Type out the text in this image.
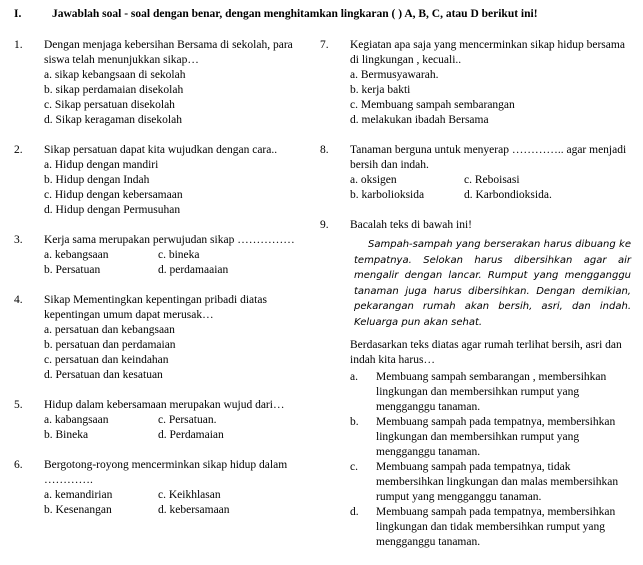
I.	Jawablah soal - soal dengan benar, dengan menghitamkan lingkaran ( ) A, B, C, atau D berikut ini!
1.	Dengan menjaga kebersihan Bersama di sekolah, para siswa telah menunjukkan sikap…
a. sikap kebangsaan di sekolah
b. sikap perdamaian disekolah
c. Sikap persatuan disekolah
d. Sikap keragaman disekolah
2.	Sikap persatuan dapat kita wujudkan dengan cara..
a. Hidup dengan mandiri
b. Hidup dengan Indah
c. Hidup dengan kebersamaan
d. Hidup dengan Permusuhan
3.	Kerja sama merupakan perwujudan sikap ……………
a. kebangsaan	c. bineka
b. Persatuan	d. perdamaaian
4.	Sikap Mementingkan kepentingan pribadi diatas kepentingan umum dapat merusak…
a. persatuan dan kebangsaan
b. persatuan dan perdamaian
c. persatuan dan keindahan
d. Persatuan dan kesatuan
5.	Hidup dalam kebersamaan merupakan wujud dari…
a. kabangsaan	c. Persatuan.
b. Bineka	d. Perdamaian
6.	Bergotong-royong mencerminkan sikap hidup dalam
………….
a. kemandirian	c. Keikhlasan
b. Kesenangan	d. kebersamaan
7.	Kegiatan apa saja yang mencerminkan sikap hidup bersama di lingkungan , kecuali..
a. Bermusyawarah.
b. kerja bakti
c. Membuang sampah sembarangan
d. melakukan ibadah Bersama
8.	Tanaman berguna untuk menyerap ………….. agar menjadi bersih dan indah.
a. oksigen	c. Reboisasi
b. karbolioksida	d. Karbondioksida.
9.	Bacalah teks di bawah ini!
Sampah-sampah yang berserakan harus dibuang ke tempatnya. Selokan harus dibersihkan agar air mengalir dengan lancar. Rumput yang mengganggu tanaman juga harus dibersihkan. Dengan demikian, pekarangan rumah akan bersih, asri, dan indah. Keluarga pun akan sehat.
Berdasarkan teks diatas agar rumah terlihat bersih, asri dan indah kita harus…
a.	Membuang sampah sembarangan , membersihkan lingkungan dan membersihkan rumput yang mengganggu tanaman.
b.	Membuang sampah pada tempatnya, membersihkan lingkungan dan membersihkan rumput yang mengganggu tanaman.
c.	Membuang sampah pada tempatnya, tidak membersihkan lingkungan dan malas membersihkan rumput yang mengganggu tanaman.
d.	Membuang sampah pada tempatnya, membersihkan lingkungan dan tidak membersihkan rumput yang mengganggu tanaman.
